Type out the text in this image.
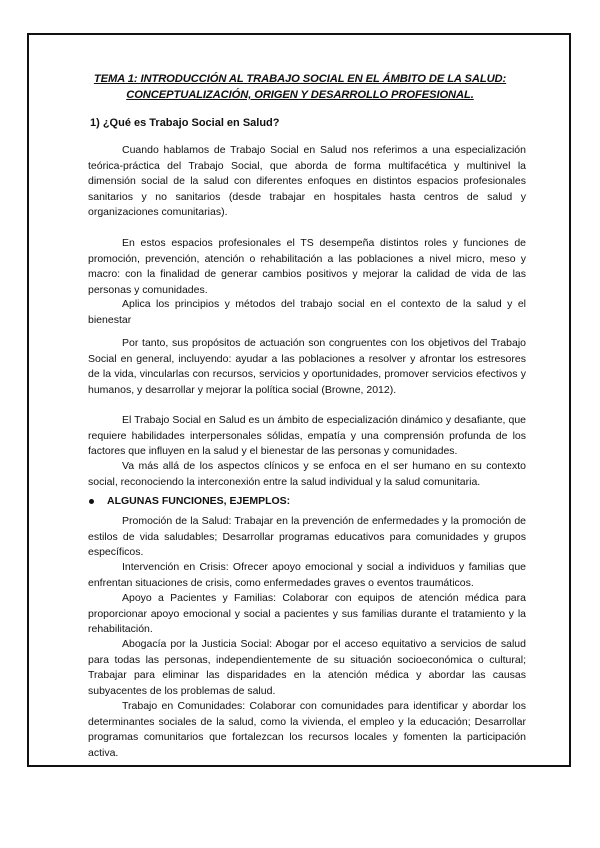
TEMA 1: INTRODUCCIÓN AL TRABAJO SOCIAL EN EL ÁMBITO DE LA SALUD:
CONCEPTUALIZACIÓN, ORIGEN Y DESARROLLO PROFESIONAL.
1) ¿Qué es Trabajo Social en Salud?

Cuando hablamos de Trabajo Social en Salud nos referimos a una especialización teórica-práctica del Trabajo Social, que aborda de forma multifacética y multinivel la dimensión social de la salud con diferentes enfoques en distintos espacios profesionales sanitarios y no sanitarios (desde trabajar en hospitales hasta centros de salud y organizaciones comunitarias).

En estos espacios profesionales el TS desempeña distintos roles y funciones de promoción, prevención, atención o rehabilitación a las poblaciones a nivel micro, meso y macro: con la finalidad de generar cambios positivos y mejorar la calidad de vida de las personas y comunidades.

Aplica los principios y métodos del trabajo social en el contexto de la salud y el bienestar

Por tanto, sus propósitos de actuación son congruentes con los objetivos del Trabajo Social en general, incluyendo: ayudar a las poblaciones a resolver y afrontar los estresores de la vida, vincularlas con recursos, servicios y oportunidades, promover servicios efectivos y humanos, y desarrollar y mejorar la política social (Browne, 2012).

El Trabajo Social en Salud es un ámbito de especialización dinámico y desafiante, que requiere habilidades interpersonales sólidas, empatía y una comprensión profunda de los factores que influyen en la salud y el bienestar de las personas y comunidades.

Va más allá de los aspectos clínicos y se enfoca en el ser humano en su contexto social, reconociendo la interconexión entre la salud individual y la salud comunitaria.

ALGUNAS FUNCIONES, EJEMPLOS:

Promoción de la Salud: Trabajar en la prevención de enfermedades y la promoción de estilos de vida saludables; Desarrollar programas educativos para comunidades y grupos específicos.

Intervención en Crisis: Ofrecer apoyo emocional y social a individuos y familias que enfrentan situaciones de crisis, como enfermedades graves o eventos traumáticos.

Apoyo a Pacientes y Familias: Colaborar con equipos de atención médica para proporcionar apoyo emocional y social a pacientes y sus familias durante el tratamiento y la rehabilitación.

Abogacía por la Justicia Social: Abogar por el acceso equitativo a servicios de salud para todas las personas, independientemente de su situación socioeconómica o cultural; Trabajar para eliminar las disparidades en la atención médica y abordar las causas subyacentes de los problemas de salud.

Trabajo en Comunidades: Colaborar con comunidades para identificar y abordar los determinantes sociales de la salud, como la vivienda, el empleo y la educación; Desarrollar programas comunitarios que fortalezcan los recursos locales y fomenten la participación activa.
